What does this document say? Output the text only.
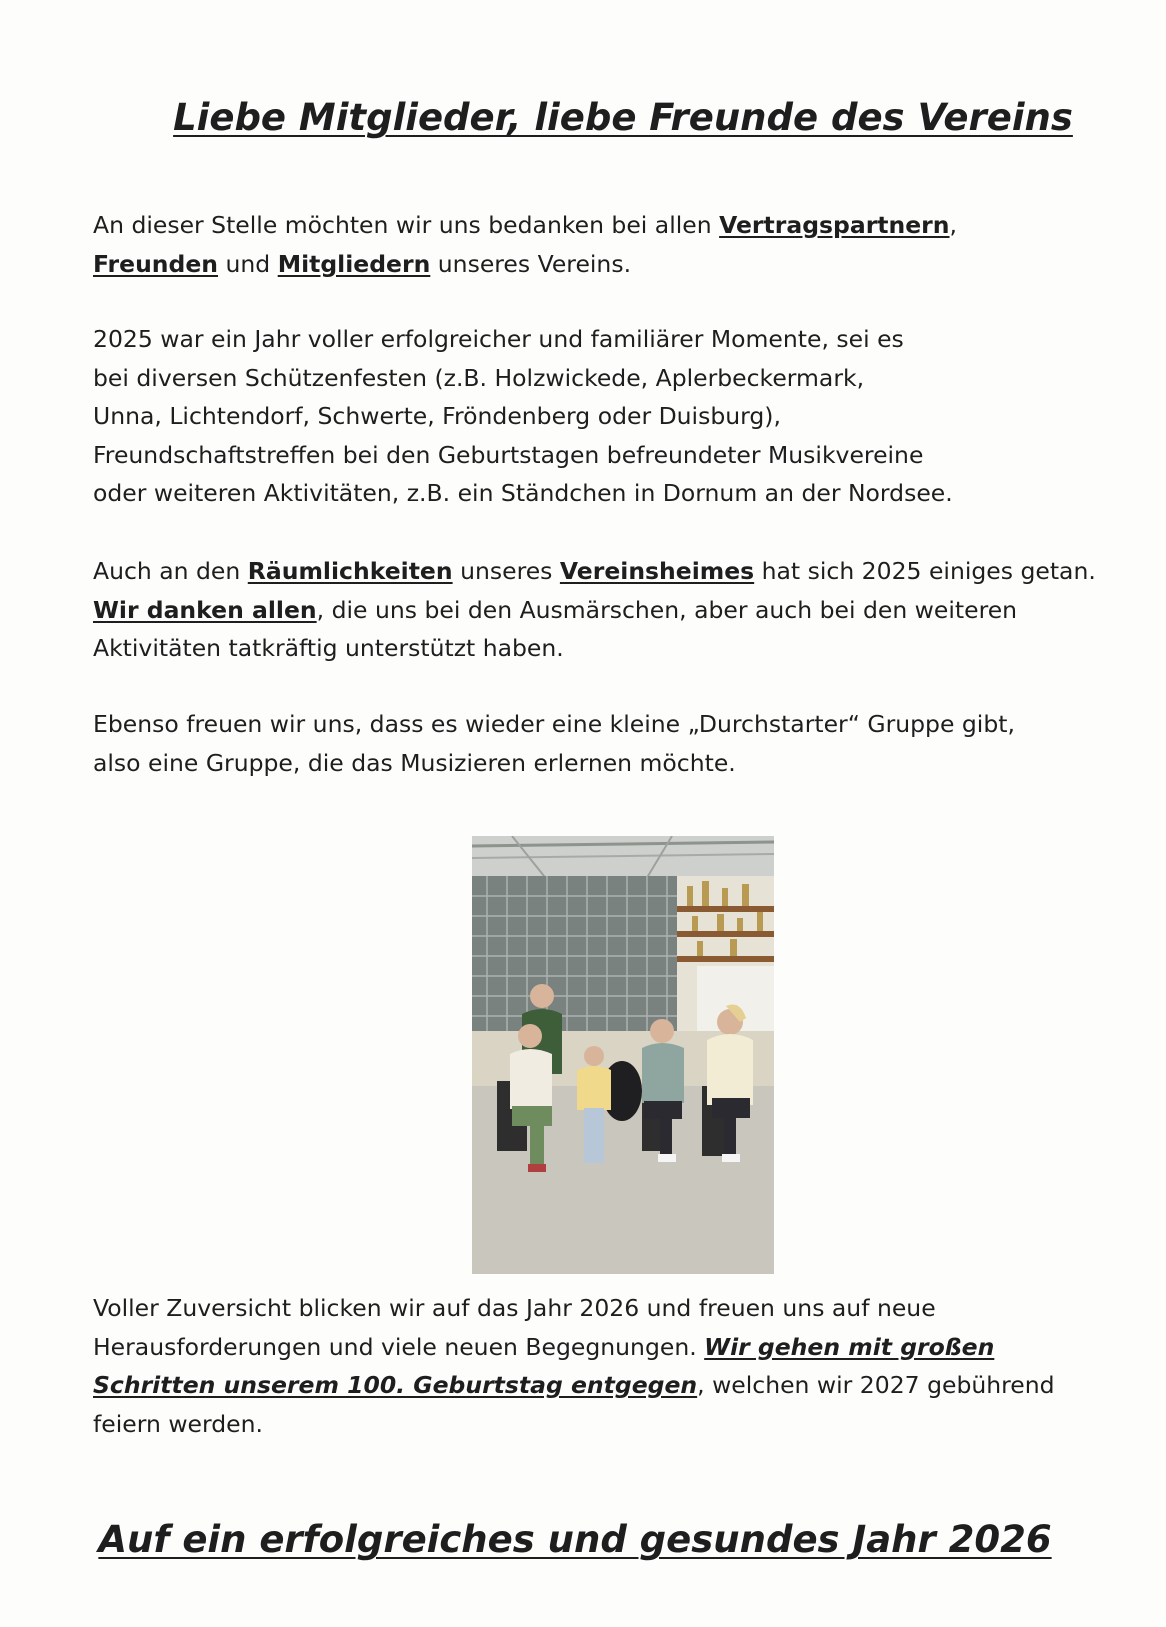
Liebe Mitglieder, liebe Freunde des Vereins

An dieser Stelle möchten wir uns bedanken bei allen Vertragspartnern,
Freunden und Mitgliedern unseres Vereins.

2025 war ein Jahr voller erfolgreicher und familiärer Momente, sei es
bei diversen Schützenfesten (z.B. Holzwickede, Aplerbeckermark,
Unna, Lichtendorf, Schwerte, Fröndenberg oder Duisburg),
Freundschaftstreffen bei den Geburtstagen befreundeter Musikvereine
oder weiteren Aktivitäten, z.B. ein Ständchen in Dornum an der Nordsee.

Auch an den Räumlichkeiten unseres Vereinsheimes hat sich 2025 einiges getan.
Wir danken allen, die uns bei den Ausmärschen, aber auch bei den weiteren
Aktivitäten tatkräftig unterstützt haben.

Ebenso freuen wir uns, dass es wieder eine kleine „Durchstarter“ Gruppe gibt,
also eine Gruppe, die das Musizieren erlernen möchte.

Voller Zuversicht blicken wir auf das Jahr 2026 und freuen uns auf neue
Herausforderungen und viele neuen Begegnungen. Wir gehen mit großen
Schritten unserem 100. Geburtstag entgegen, welchen wir 2027 gebührend
feiern werden.

Auf ein erfolgreiches und gesundes Jahr 2026
